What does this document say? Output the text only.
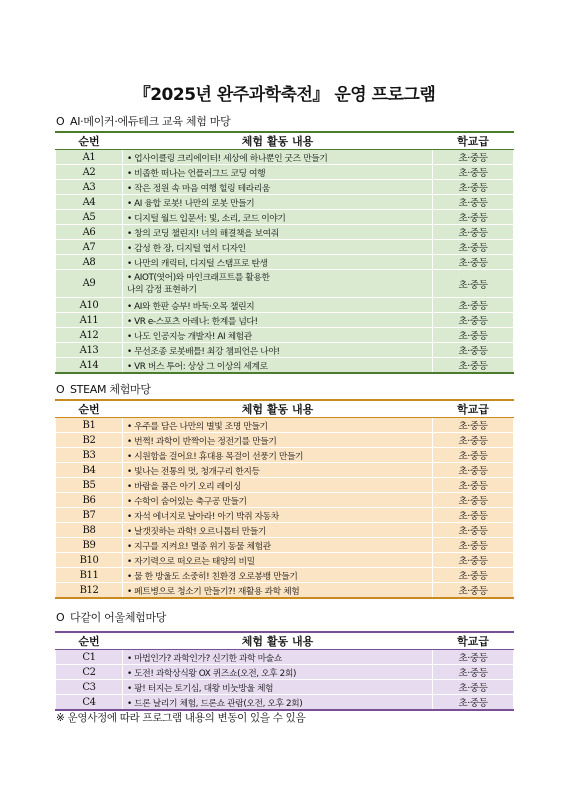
『2025년 완주과학축전』 운영 프로그램
O AI·메이커·에듀테크 교육 체험 마당
순번	체험 활동 내용	학교급
A1	• 업사이클링 크리에이터! 세상에 하나뿐인 굿즈 만들기	초·중등
A2	• 비좁한 떠나는 언플러그드 코딩 여행	초·중등
A3	• 작은 정원 속 마음 여행 힐링 테라리움	초·중등
A4	• AI 융합 로봇! 나만의 로봇 만들기	초·중등
A5	• 디지털 월드 입문서: 빛, 소리, 코드 이야기	초·중등
A6	• 창의 코딩 챌린지! 너의 해결책을 보여줘	초·중등
A7	• 감성 한 장, 디지털 엽서 디자인	초·중등
A8	• 나만의 캐릭터, 디지털 스탬프로 탄생	초·중등
A9	• AIOT(엿어)와 마인크래프트를 활용한
나의 감정 표현하기	초·중등
A10	• AI와 한판 승부! 바둑·오목 챌린지	초·중등
A11	• VR e-스포츠 아레나: 한계를 넘다!	초·중등
A12	• 나도 인공지능 개발자! AI 체험관	초·중등
A13	• 무선조종 로봇배틀! 최강 챔피언은 나야!	초·중등
A14	• VR 버스 투어: 상상 그 이상의 세계로	초·중등
O STEAM 체험마당
순번	체험 활동 내용	학교급
B1	• 우주를 담은 나만의 별빛 조명 만들기	초·중등
B2	• 번쩍! 과학이 반짝이는 정전기를 만들기	초·중등
B3	• 시원함을 걸어요! 휴대용 목걸이 선풍기 만들기	초·중등
B4	• 빛나는 전통의 멋, 청개구리 한지등	초·중등
B5	• 바람을 품은 아기 오리 레이싱	초·중등
B6	• 수학이 숨어있는 축구공 만들기	초·중등
B7	• 자석 에너지로 날아라! 아기 박쥐 자동차	초·중등
B8	• 날갯짓하는 과학! 오르니톱터 만들기	초·중등
B9	• 지구를 지켜요! 멸종 위기 동물 체험관	초·중등
B10	• 자기력으로 떠오르는 태양의 비밀	초·중등
B11	• 물 한 방울도 소중히! 친환경 오로봉뱅 만들기	초·중등
B12	• 페트병으로 청소기 만들기?! 재활용 과학 체험	초·중등
O 다같이 어울체험마당
순번	체험 활동 내용	학교급
C1	• 마법인가? 과학인가? 신기한 과학 마술쇼	초·중등
C2	• 도전! 과학상식왕 OX 퀴즈쇼(오전, 오후 2회)	초·중등
C3	• 팡! 터지는 토기심, 대왕 비눗방울 체험	초·중등
C4	• 드론 날리기 체험, 드론쇼 관람(오전, 오후 2회)	초·중등
※ 운영사정에 따라 프로그램 내용의 변동이 있을 수 있음
